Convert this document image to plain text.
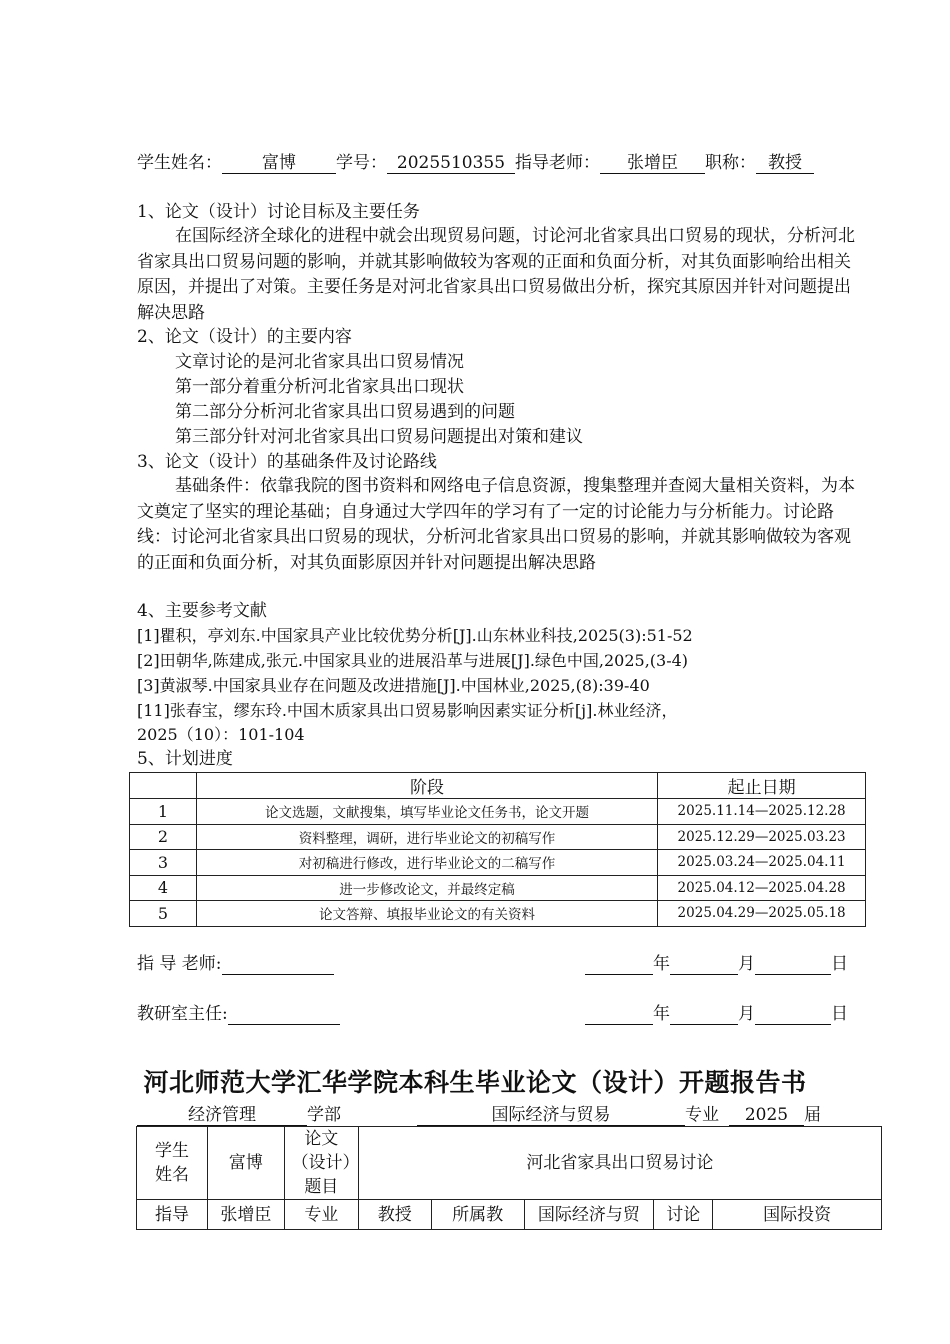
学生姓名： 富博 学号： 2025510355 指导老师： 张增臣 职称： 教授
1、论文（设计）讨论目标及主要任务
在国际经济全球化的进程中就会出现贸易问题，讨论河北省家具出口贸易的现状，分析河北省家具出口贸易问题的影响，并就其影响做较为客观的正面和负面分析，对其负面影响给出相关原因，并提出了对策。主要任务是对河北省家具出口贸易做出分析，探究其原因并针对问题提出解决思路
2、论文（设计）的主要内容
文章讨论的是河北省家具出口贸易情况
第一部分着重分析河北省家具出口现状
第二部分分析河北省家具出口贸易遇到的问题
第三部分针对河北省家具出口贸易问题提出对策和建议
3、论文（设计）的基础条件及讨论路线
基础条件：依靠我院的图书资料和网络电子信息资源，搜集整理并查阅大量相关资料，为本文奠定了坚实的理论基础；自身通过大学四年的学习有了一定的讨论能力与分析能力。讨论路线：讨论河北省家具出口贸易的现状，分析河北省家具出口贸易的影响，并就其影响做较为客观的正面和负面分析，对其负面影原因并针对问题提出解决思路
4、主要参考文献
[1]瞿积，亭刘东.中国家具产业比较优势分析[J].山东林业科技,2025(3):51-52
[2]田朝华,陈建成,张元.中国家具业的进展沿革与进展[J].绿色中国,2025,(3-4)
[3]黄淑琴.中国家具业存在问题及改进措施[J].中国林业,2025,(8):39-40
[11]张春宝，缪东玲.中国木质家具出口贸易影响因素实证分析[j].林业经济，
2025（10）：101-104
5、计划进度
	阶段	起止日期
1	论文选题，文献搜集，填写毕业论文任务书，论文开题	2025.11.14—2025.12.28
2	资料整理，调研，进行毕业论文的初稿写作	2025.12.29—2025.03.23
3	对初稿进行修改，进行毕业论文的二稿写作	2025.03.24—2025.04.11
4	进一步修改论文，并最终定稿	2025.04.12—2025.04.28
5	论文答辩、填报毕业论文的有关资料	2025.04.29—2025.05.18
指 导 老师:	年	月	日
教研室主任:	年	月	日
河北师范大学汇华学院本科生毕业论文（设计）开题报告书
经济管理	学部	国际经济与贸易	专业 2025 届
学生姓名	富博	论文（设计）题目	河北省家具出口贸易讨论				
指导	张增臣	专业	教授	所属教	国际经济与贸	讨论	国际投资
